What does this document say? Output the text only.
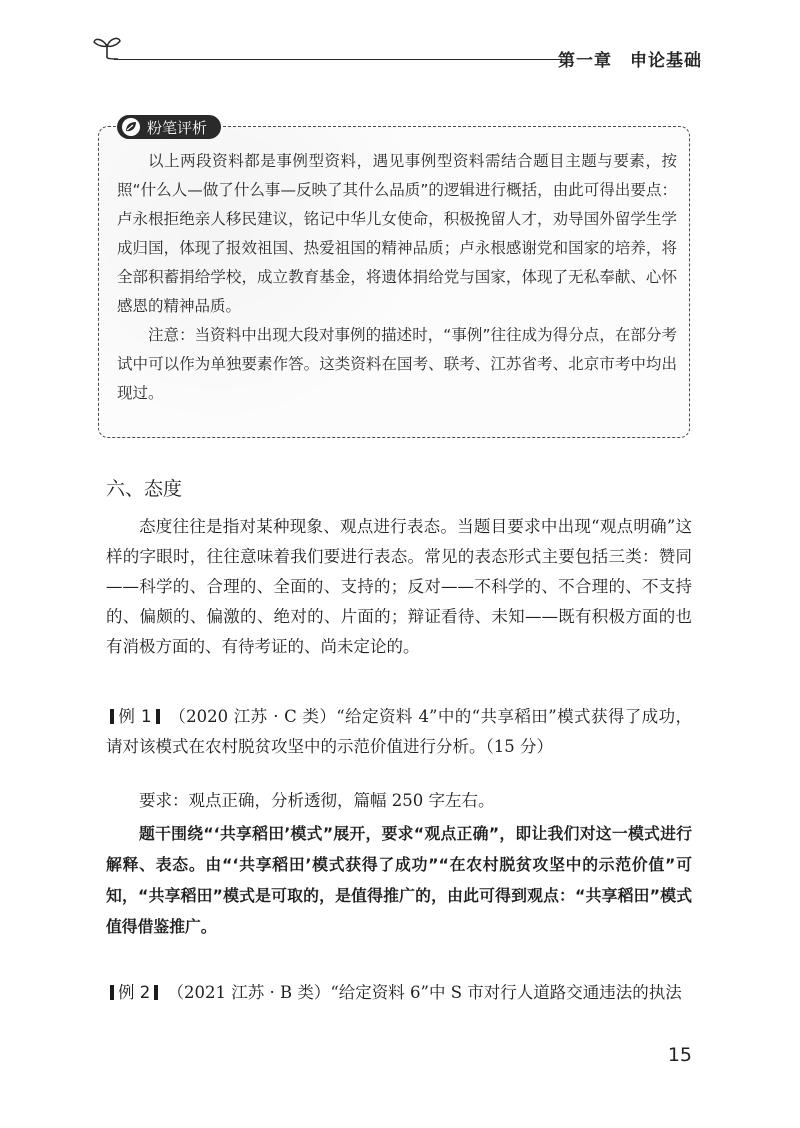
第一章　申论基础
粉笔评析

以上两段资料都是事例型资料，遇见事例型资料需结合题目主题与要素，按照“什么人—做了什么事—反映了其什么品质”的逻辑进行概括，由此可得出要点：卢永根拒绝亲人移民建议，铭记中华儿女使命，积极挽留人才，劝导国外留学生学成归国，体现了报效祖国、热爱祖国的精神品质；卢永根感谢党和国家的培养，将全部积蓄捐给学校，成立教育基金，将遗体捐给党与国家，体现了无私奉献、心怀感恩的精神品质。

注意：当资料中出现大段对事例的描述时，“事例”往往成为得分点，在部分考试中可以作为单独要素作答。这类资料在国考、联考、江苏省考、北京市考中均出现过。

六、态度

态度往往是指对某种现象、观点进行表态。当题目要求中出现“观点明确”这样的字眼时，往往意味着我们要进行表态。常见的表态形式主要包括三类：赞同——科学的、合理的、全面的、支持的；反对——不科学的、不合理的、不支持的、偏颇的、偏激的、绝对的、片面的；辩证看待、未知——既有积极方面的也有消极方面的、有待考证的、尚未定论的。

例 1 （2020 江苏 · C 类）“给定资料 4”中的“共享稻田”模式获得了成功，请对该模式在农村脱贫攻坚中的示范价值进行分析。（15 分）

要求：观点正确，分析透彻，篇幅 250 字左右。

题干围绕“‘共享稻田’模式”展开，要求“观点正确”，即让我们对这一模式进行解释、表态。由“‘共享稻田’模式获得了成功”“在农村脱贫攻坚中的示范价值”可知，“共享稻田”模式是可取的，是值得推广的，由此可得到观点：“共享稻田”模式值得借鉴推广。

例 2 （2021 江苏 · B 类）“给定资料 6”中 S 市对行人道路交通违法的执法

15
